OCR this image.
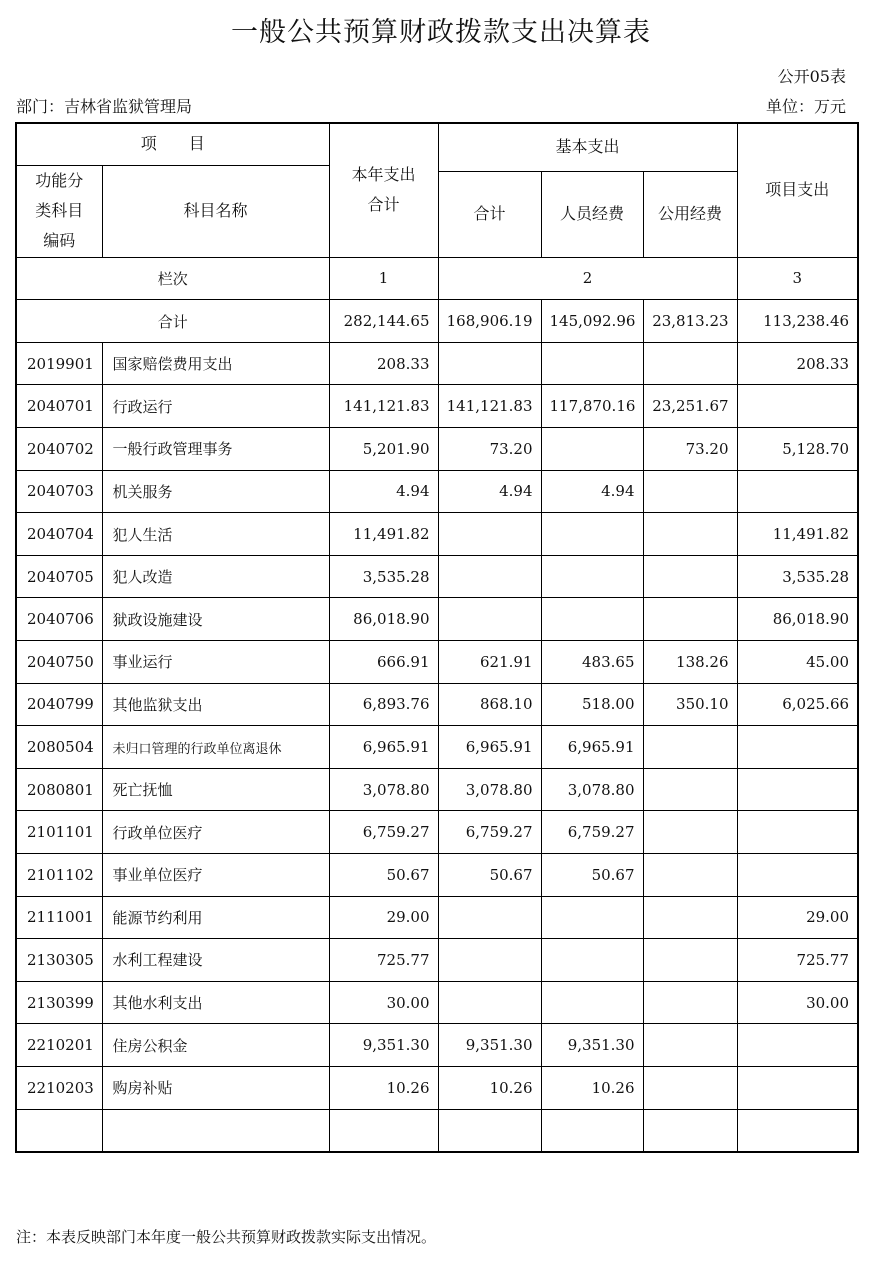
一般公共预算财政拨款支出决算表
公开05表
部门：吉林省监狱管理局	单位：万元
项　　目		本年支出
合计	基本支出			项目支出

功能分
类科目
编码	科目名称					
			合计	人员经费	公用经费	
栏次		1	2			3
合计		282,144.65	168,906.19	145,092.96	23,813.23	113,238.46
2019901	国家赔偿费用支出	208.33				208.33
2040701	行政运行	141,121.83	141,121.83	117,870.16	23,251.67	
2040702	一般行政管理事务	5,201.90	73.20		73.20	5,128.70
2040703	机关服务	4.94	4.94	4.94		
2040704	犯人生活	11,491.82				11,491.82
2040705	犯人改造	3,535.28				3,535.28
2040706	狱政设施建设	86,018.90				86,018.90
2040750	事业运行	666.91	621.91	483.65	138.26	45.00
2040799	其他监狱支出	6,893.76	868.10	518.00	350.10	6,025.66
2080504	未归口管理的行政单位离退休	6,965.91	6,965.91	6,965.91		
2080801	死亡抚恤	3,078.80	3,078.80	3,078.80		
2101101	行政单位医疗	6,759.27	6,759.27	6,759.27		
2101102	事业单位医疗	50.67	50.67	50.67		
2111001	能源节约利用	29.00				29.00
2130305	水利工程建设	725.77				725.77
2130399	其他水利支出	30.00				30.00
2210201	住房公积金	9,351.30	9,351.30	9,351.30		
2210203	购房补贴	10.26	10.26	10.26		

注：本表反映部门本年度一般公共预算财政拨款实际支出情况。
